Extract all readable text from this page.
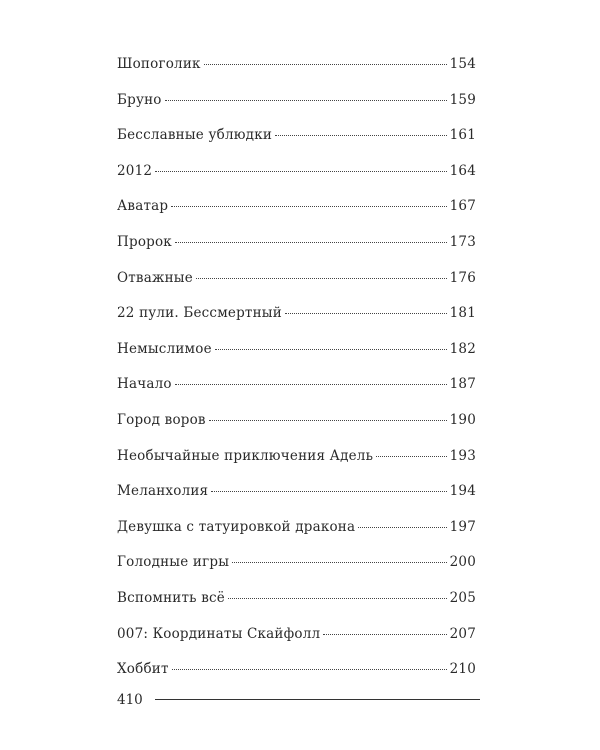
Шопоголик	154
Бруно	159
Бесславные ублюдки	161
2012	164
Аватар	167
Пророк	173
Отважные	176
22 пули. Бессмертный	181
Немыслимое	182
Начало	187
Город воров	190
Необычайные приключения Адель	193
Меланхолия	194
Девушка с татуировкой дракона	197
Голодные игры	200
Вспомнить всё	205
007: Координаты Скайфолл	207
Хоббит	210
410
